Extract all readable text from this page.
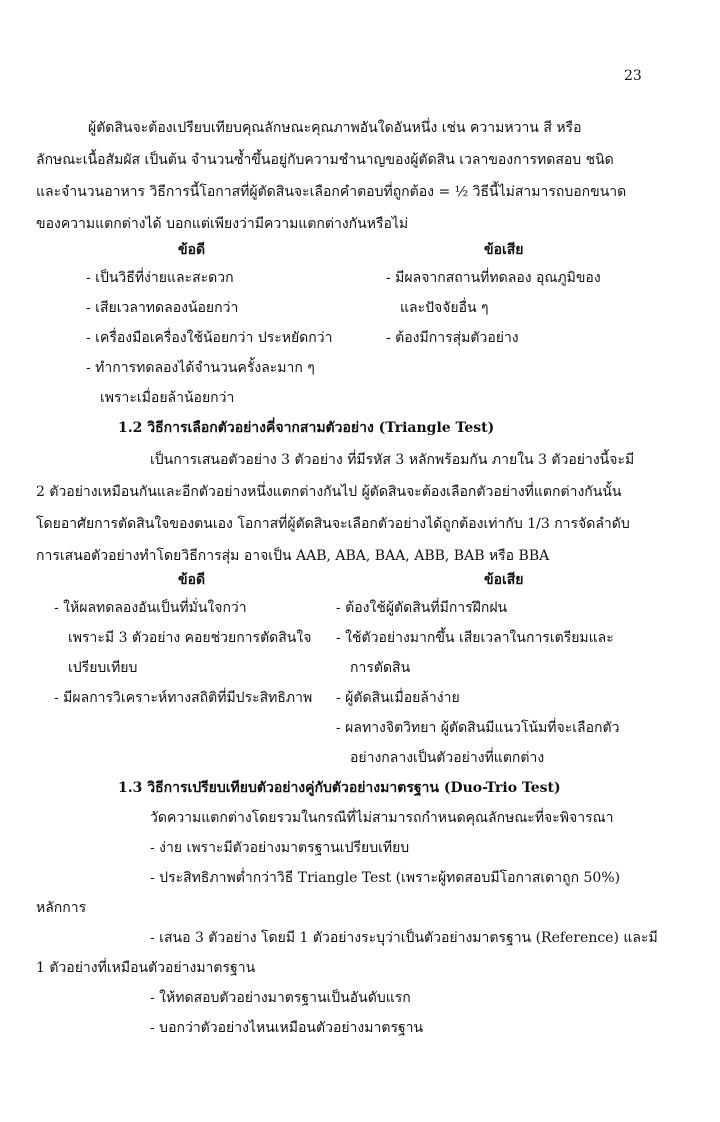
23
ผู้ตัดสินจะต้องเปรียบเทียบคุณลักษณะคุณภาพอันใดอันหนึ่ง เช่น ความหวาน สี หรือ
ลักษณะเนื้อสัมผัส เป็นต้น จำนวนซ้ำขึ้นอยู่กับความชำนาญของผู้ตัดสิน เวลาของการทดสอบ ชนิด
และจำนวนอาหาร วิธีการนี้โอกาสที่ผู้ตัดสินจะเลือกคำตอบที่ถูกต้อง = ½ วิธีนี้ไม่สามารถบอกขนาด
ของความแตกต่างได้ บอกแต่เพียงว่ามีความแตกต่างกันหรือไม่
ข้อดี	ข้อเสีย
- เป็นวิธีที่ง่ายและสะดวก
- เสียเวลาทดลองน้อยกว่า
- เครื่องมือเครื่องใช้น้อยกว่า ประหยัดกว่า
- ทำการทดลองได้จำนวนครั้งละมาก ๆ
เพราะเมื่อยล้าน้อยกว่า
- มีผลจากสถานที่ทดลอง อุณภูมิของ
และปัจจัยอื่น ๆ
- ต้องมีการสุ่มตัวอย่าง
1.2 วิธีการเลือกตัวอย่างคี่จากสามตัวอย่าง (Triangle Test)
เป็นการเสนอตัวอย่าง 3 ตัวอย่าง ที่มีรหัส 3 หลักพร้อมกัน ภายใน 3 ตัวอย่างนี้จะมี
2 ตัวอย่างเหมือนกันและอีกตัวอย่างหนึ่งแตกต่างกันไป ผู้ตัดสินจะต้องเลือกตัวอย่างที่แตกต่างกันนั้น
โดยอาศัยการตัดสินใจของตนเอง โอกาสที่ผู้ตัดสินจะเลือกตัวอย่างได้ถูกต้องเท่ากับ 1/3 การจัดลำดับ
การเสนอตัวอย่างทำโดยวิธีการสุ่ม อาจเป็น AAB, ABA, BAA, ABB, BAB หรือ BBA
ข้อดี	ข้อเสีย
- ให้ผลทดลองอันเป็นที่มั่นใจกว่า
เพราะมี 3 ตัวอย่าง คอยช่วยการตัดสินใจ
เปรียบเทียบ
- มีผลการวิเคราะห์ทางสถิติที่มีประสิทธิภาพ
- ต้องใช้ผู้ตัดสินที่มีการฝึกฝน
- ใช้ตัวอย่างมากขึ้น เสียเวลาในการเตรียมและ
การตัดสิน
- ผู้ตัดสินเมื่อยล้าง่าย
- ผลทางจิตวิทยา ผู้ตัดสินมีแนวโน้มที่จะเลือกตัว
อย่างกลางเป็นตัวอย่างที่แตกต่าง
1.3 วิธีการเปรียบเทียบตัวอย่างคู่กับตัวอย่างมาตรฐาน (Duo-Trio Test)
วัดความแตกต่างโดยรวมในกรณีที่ไม่สามารถกำหนดคุณลักษณะที่จะพิจารณา
- ง่าย เพราะมีตัวอย่างมาตรฐานเปรียบเทียบ
- ประสิทธิภาพต่ำกว่าวิธี Triangle Test (เพราะผู้ทดสอบมีโอกาสเดาถูก 50%)
หลักการ
- เสนอ 3 ตัวอย่าง โดยมี 1 ตัวอย่างระบุว่าเป็นตัวอย่างมาตรฐาน (Reference) และมี
1 ตัวอย่างที่เหมือนตัวอย่างมาตรฐาน
- ให้ทดสอบตัวอย่างมาตรฐานเป็นอันดับแรก
- บอกว่าตัวอย่างไหนเหมือนตัวอย่างมาตรฐาน
